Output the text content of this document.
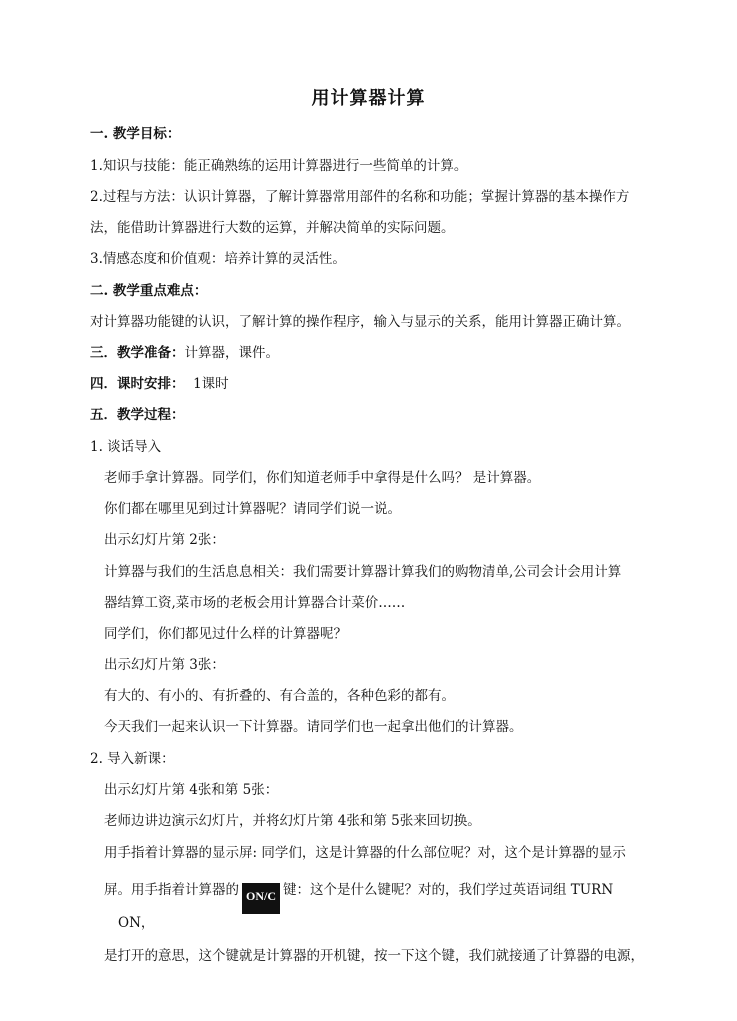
用计算器计算
一. 教学目标：
1.知识与技能：能正确熟练的运用计算器进行一些简单的计算。
2.过程与方法：认识计算器，了解计算器常用部件的名称和功能；掌握计算器的基本操作方
法，能借助计算器进行大数的运算，并解决简单的实际问题。
3.情感态度和价值观：培养计算的灵活性。
二. 教学重点难点：
对计算器功能键的认识，了解计算的操作程序，输入与显示的关系，能用计算器正确计算。
三．教学准备：计算器，课件。
四．课时安排： 1课时
五．教学过程：
1. 谈话导入
老师手拿计算器。同学们，你们知道老师手中拿得是什么吗？ 是计算器。
你们都在哪里见到过计算器呢？请同学们说一说。
出示幻灯片第 2张：
计算器与我们的生活息息相关：我们需要计算器计算我们的购物清单,公司会计会用计算
器结算工资,菜市场的老板会用计算器合计菜价……
同学们，你们都见过什么样的计算器呢？
出示幻灯片第 3张：
有大的、有小的、有折叠的、有合盖的，各种色彩的都有。
今天我们一起来认识一下计算器。请同学们也一起拿出他们的计算器。
2. 导入新课：
出示幻灯片第 4张和第 5张：
老师边讲边演示幻灯片，并将幻灯片第 4张和第 5张来回切换。
用手指着计算器的显示屏: 同学们，这是计算器的什么部位呢？对，这个是计算器的显示
屏。用手指着计算器的 ON/C 键：这个是什么键呢？对的，我们学过英语词组 TURN
ON，
是打开的意思，这个键就是计算器的开机键，按一下这个键，我们就接通了计算器的电源，
